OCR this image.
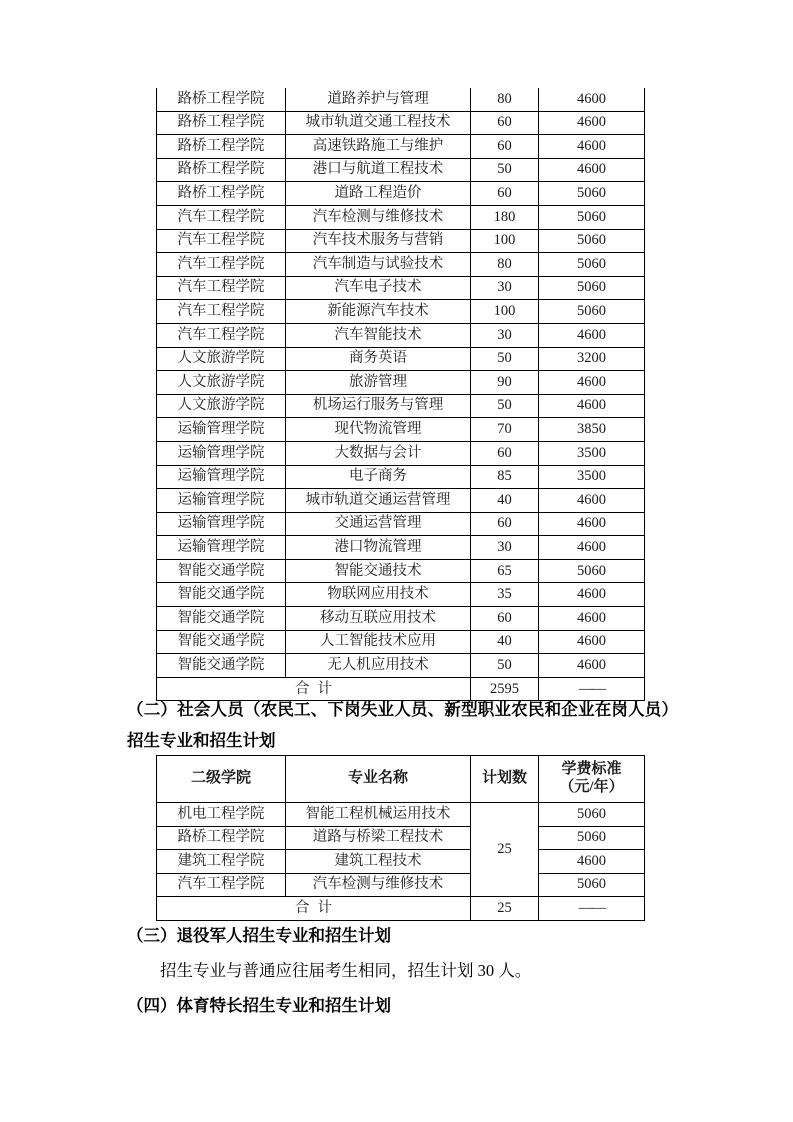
路桥工程学院	道路养护与管理	80	4600
路桥工程学院	城市轨道交通工程技术	60	4600
路桥工程学院	高速铁路施工与维护	60	4600
路桥工程学院	港口与航道工程技术	50	4600
路桥工程学院	道路工程造价	60	5060
汽车工程学院	汽车检测与维修技术	180	5060
汽车工程学院	汽车技术服务与营销	100	5060
汽车工程学院	汽车制造与试验技术	80	5060
汽车工程学院	汽车电子技术	30	5060
汽车工程学院	新能源汽车技术	100	5060
汽车工程学院	汽车智能技术	30	4600
人文旅游学院	商务英语	50	3200
人文旅游学院	旅游管理	90	4600
人文旅游学院	机场运行服务与管理	50	4600
运输管理学院	现代物流管理	70	3850
运输管理学院	大数据与会计	60	3500
运输管理学院	电子商务	85	3500
运输管理学院	城市轨道交通运营管理	40	4600
运输管理学院	交通运营管理	60	4600
运输管理学院	港口物流管理	30	4600
智能交通学院	智能交通技术	65	5060
智能交通学院	物联网应用技术	35	4600
智能交通学院	移动互联应用技术	60	4600
智能交通学院	人工智能技术应用	40	4600
智能交通学院	无人机应用技术	50	4600
合计		2595	——
（二）社会人员（农民工、下岗失业人员、新型职业农民和企业在岗人员）招生专业和招生计划
二级学院	专业名称	计划数	学费标准
（元/年）
机电工程学院	智能工程机械运用技术	25	5060
路桥工程学院	道路与桥梁工程技术		5060
建筑工程学院	建筑工程技术		4600
汽车工程学院	汽车检测与维修技术		5060
合计		25	——
（三）退役军人招生专业和招生计划
招生专业与普通应往届考生相同，招生计划 30 人。
（四）体育特长招生专业和招生计划
